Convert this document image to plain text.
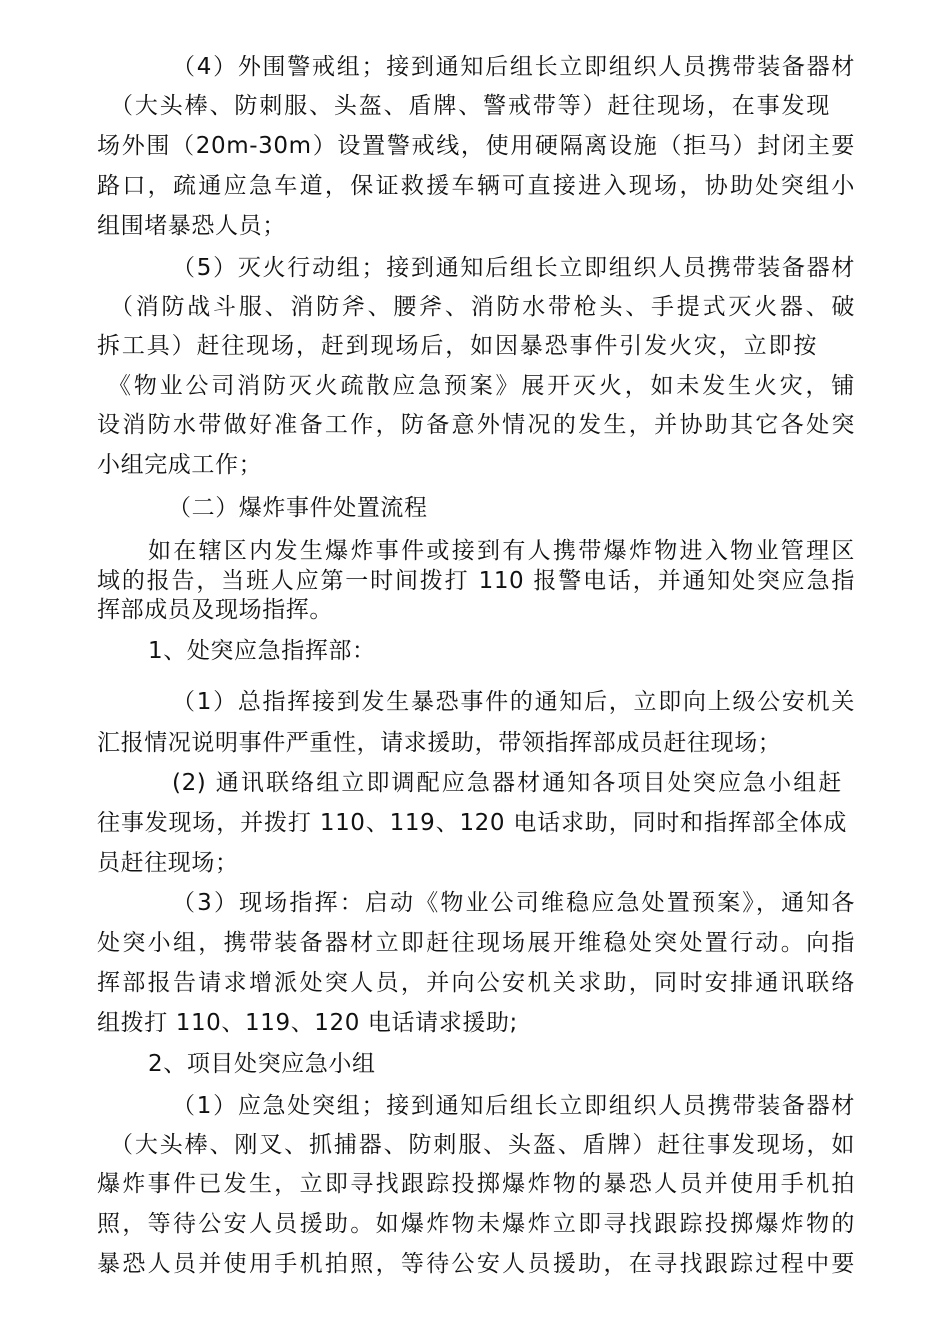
（4）外围警戒组；接到通知后组长立即组织人员携带装备器材
（大头棒、防刺服、头盔、盾牌、警戒带等）赶往现场，在事发现
场外围（20m-30m）设置警戒线，使用硬隔离设施（拒马）封闭主要
路口，疏通应急车道，保证救援车辆可直接进入现场，协助处突组小
组围堵暴恐人员；
（5）灭火行动组；接到通知后组长立即组织人员携带装备器材
（消防战斗服、消防斧、腰斧、消防水带枪头、手提式灭火器、破
拆工具）赶往现场，赶到现场后，如因暴恐事件引发火灾，立即按
《物业公司消防灭火疏散应急预案》展开灭火，如未发生火灾，铺
设消防水带做好准备工作，防备意外情况的发生，并协助其它各处突
小组完成工作；
（二）爆炸事件处置流程
如在辖区内发生爆炸事件或接到有人携带爆炸物进入物业管理区
域的报告，当班人应第一时间拨打 110 报警电话，并通知处突应急指
挥部成员及现场指挥。
1、处突应急指挥部：
（1）总指挥接到发生暴恐事件的通知后，立即向上级公安机关
汇报情况说明事件严重性，请求援助，带领指挥部成员赶往现场；
(2) 通讯联络组立即调配应急器材通知各项目处突应急小组赶
往事发现场，并拨打 110、119、120 电话求助，同时和指挥部全体成
员赶往现场；
（3）现场指挥：启动《物业公司维稳应急处置预案》，通知各
处突小组，携带装备器材立即赶往现场展开维稳处突处置行动。向指
挥部报告请求增派处突人员，并向公安机关求助，同时安排通讯联络
组拨打 110、119、120 电话请求援助;
2、项目处突应急小组
（1）应急处突组；接到通知后组长立即组织人员携带装备器材
（大头棒、刚叉、抓捕器、防刺服、头盔、盾牌）赶往事发现场，如
爆炸事件已发生，立即寻找跟踪投掷爆炸物的暴恐人员并使用手机拍
照，等待公安人员援助。如爆炸物未爆炸立即寻找跟踪投掷爆炸物的
暴恐人员并使用手机拍照，等待公安人员援助，在寻找跟踪过程中要
